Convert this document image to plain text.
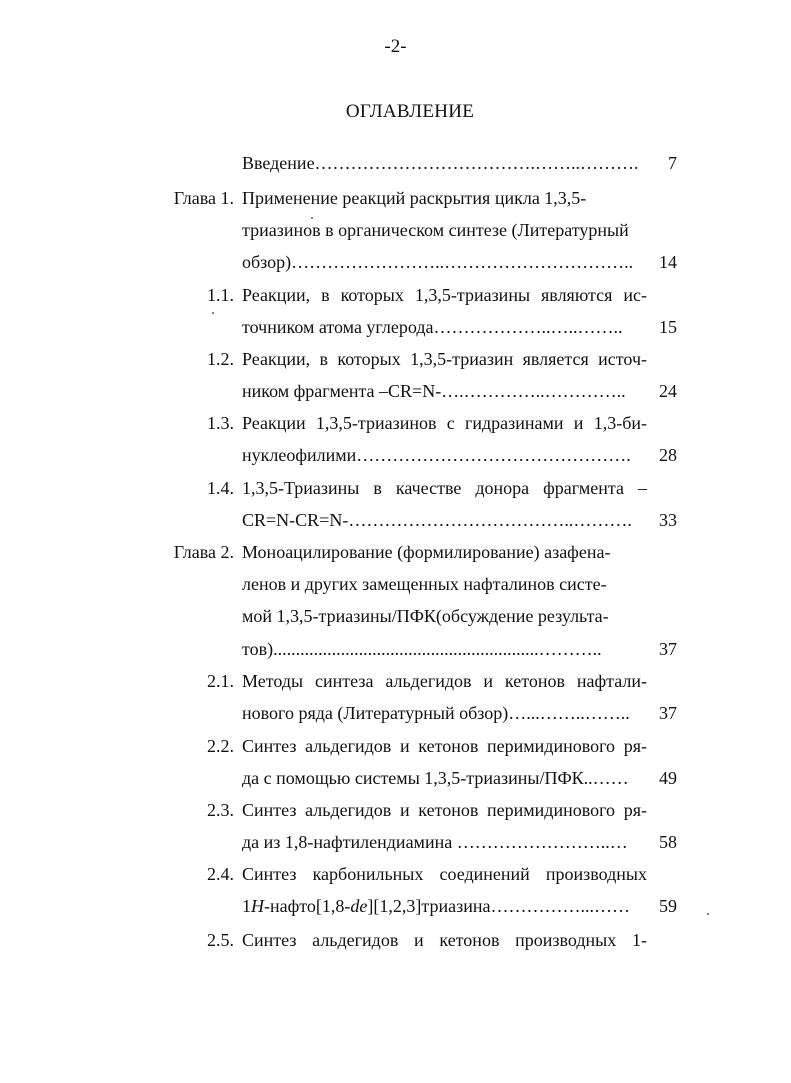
-2-
ОГЛАВЛЕНИЕ
Введение……………………………….……..………. 7
Глава 1. Применение реакций раскрытия цикла 1,3,5-
триазинов в органическом синтезе (Литературный
обзор)……………………..………………………….. 14
1.1. Реакции, в которых 1,3,5-триазины являются ис-
точником атома углерода………………..…..…….. 15
1.2. Реакции, в которых 1,3,5-триазин является источ-
ником фрагмента –CR=N-….…………..………….. 24
1.3. Реакции 1,3,5-триазинов с гидразинами и 1,3-би-
нуклеофилими………………………………………. 28
1.4. 1,3,5-Триазины в качестве донора фрагмента –
CR=N-CR=N-………………………………..………. 33
Глава 2. Моноацилирование (формилирование) азафена-
ленов и других замещенных нафталинов систе-
мой 1,3,5-триазины/ПФК(обсуждение результа-
тов)...........................................................………..	37
2.1. Методы синтеза альдегидов и кетонов нафтали-
нового ряда (Литературный обзор)…...……..…….. 37
2.2. Синтез альдегидов и кетонов перимидинового ря-
да с помощью системы 1,3,5-триазины/ПФК..…… 49
2.3. Синтез альдегидов и кетонов перимидинового ря-
да из 1,8-нафтилендиамина ……………………..… 58
2.4. Синтез карбонильных соединений производных
1H-нафто[1,8-de][1,2,3]триазина……………...…… 59
2.5. Синтез альдегидов и кетонов производных 1-
